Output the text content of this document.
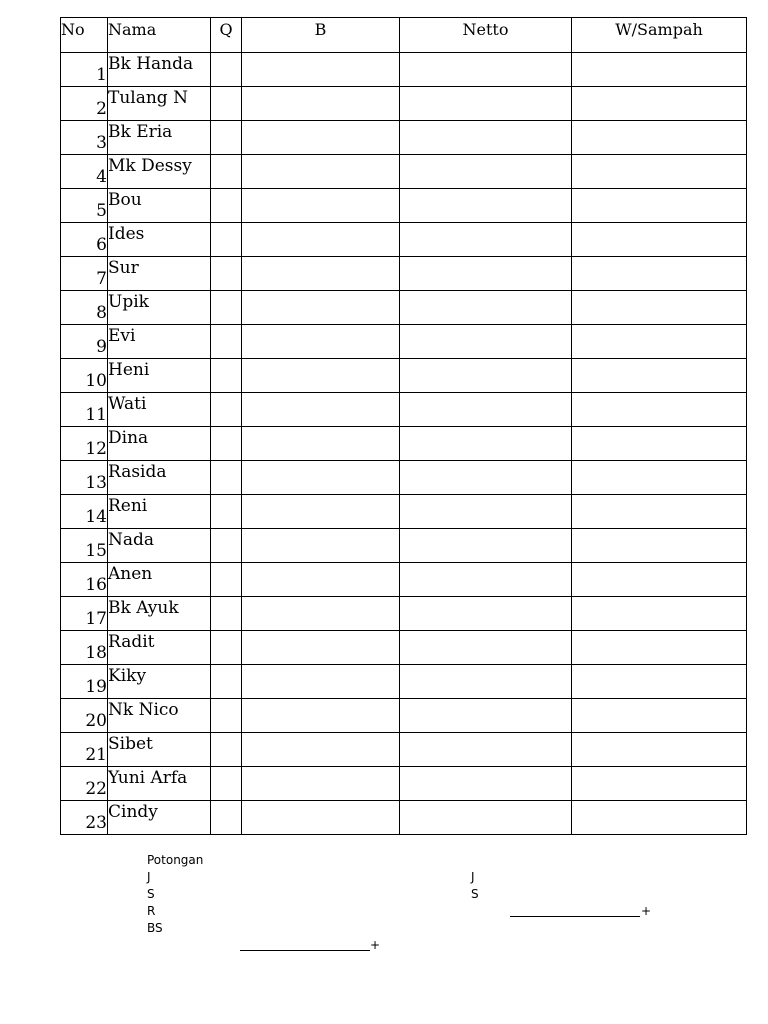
No	Nama	Q	B	Netto	W/Sampah
1	Bk Handa				
2	Tulang N				
3	Bk Eria				
4	Mk Dessy				
5	Bou				
6	Ides				
7	Sur				
8	Upik				
9	Evi				
10	Heni				
11	Wati				
12	Dina				
13	Rasida				
14	Reni				
15	Nada				
16	Anen				
17	Bk Ayuk				
18	Radit				
19	Kiky				
20	Nk Nico				
21	Sibet				
22	Yuni Arfa				
23	Cindy				
Potongan
J
S
R
BS
J
S
+
+
